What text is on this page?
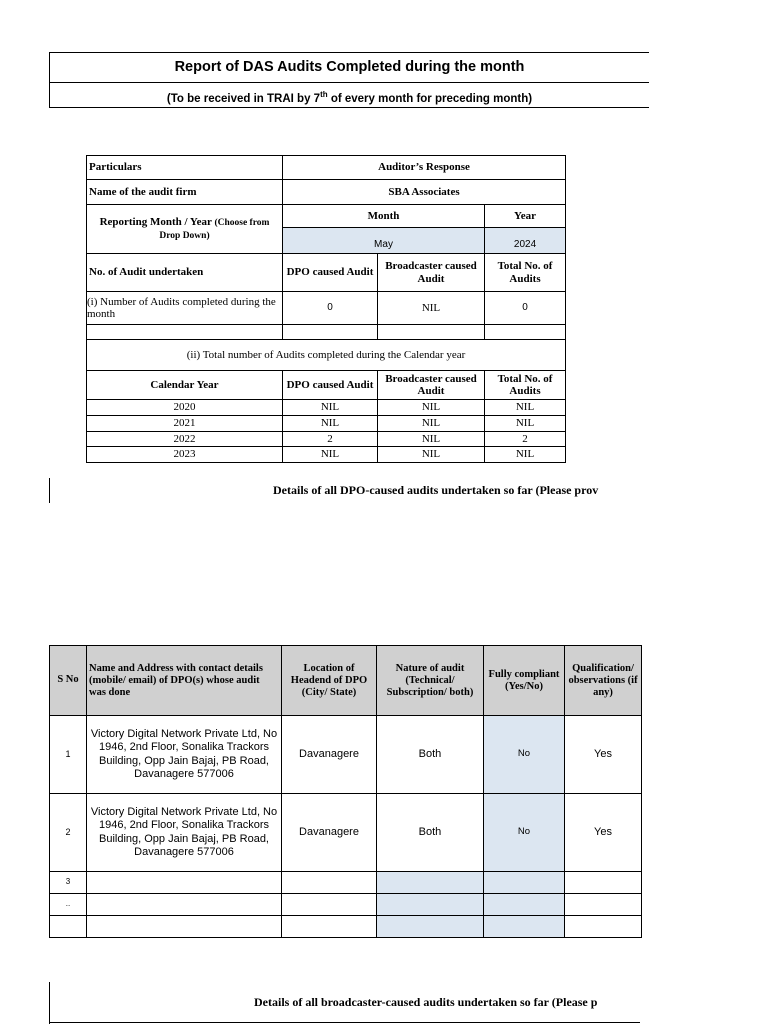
Report of DAS Audits Completed during the month
(To be received in TRAI by 7th of every month for preceding month)
Particulars	Auditor’s Response		
Name of the audit firm	SBA Associates		
Reporting Month / Year (Choose from Drop Down)	Month		Year
	May		2024
No. of Audit undertaken	DPO caused Audit	Broadcaster caused Audit	Total No. of Audits
(i) Number of Audits completed during the month	0	NIL	0

(ii) Total number of Audits completed during the Calendar year			
Calendar Year	DPO caused Audit	Broadcaster caused Audit	Total No. of Audits
2020	NIL	NIL	NIL
2021	NIL	NIL	NIL
2022	2	NIL	2
2023	NIL	NIL	NIL
Details of all DPO-caused audits undertaken so far (Please prov
S No	Name and Address with contact details (mobile/ email) of DPO(s) whose audit was done	Location of Headend of DPO (City/ State)	Nature of audit (Technical/ Subscription/ both)	Fully compliant (Yes/No)	Qualification/ observations (if any)
1	Victory Digital Network Private Ltd, No 1946, 2nd Floor, Sonalika Trackors Building, Opp Jain Bajaj, PB Road, Davanagere 577006	Davanagere	Both	No	Yes
2	Victory Digital Network Private Ltd, No 1946, 2nd Floor, Sonalika Trackors Building, Opp Jain Bajaj, PB Road, Davanagere 577006	Davanagere	Both	No	Yes
3					
..					

Details of all broadcaster-caused audits undertaken so far (Please p
